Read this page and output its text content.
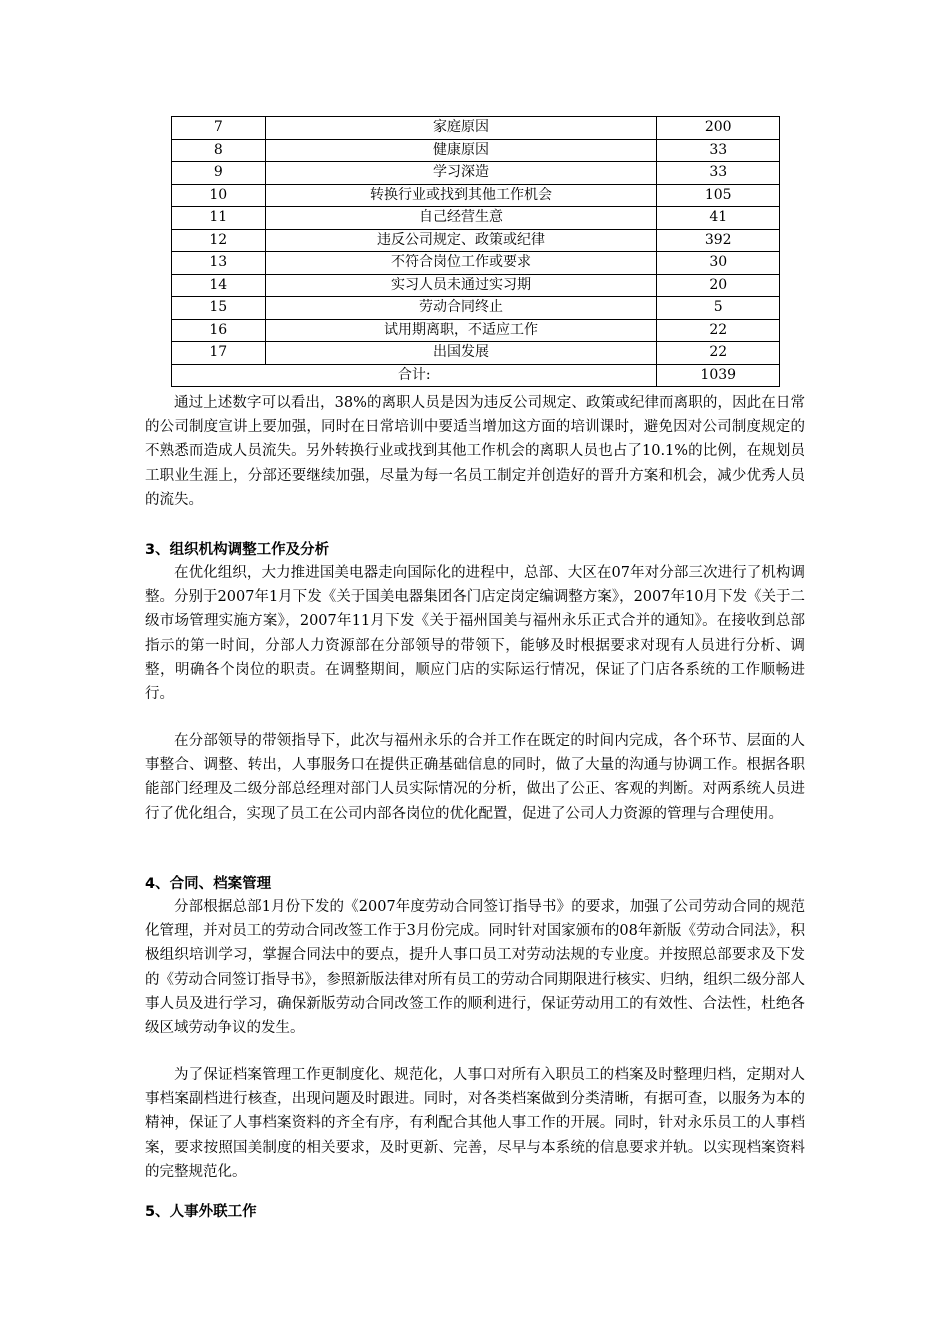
7	家庭原因	200
8	健康原因	33
9	学习深造	33
10	转换行业或找到其他工作机会	105
11	自己经营生意	41
12	违反公司规定、政策或纪律	392
13	不符合岗位工作或要求	30
14	实习人员未通过实习期	20
15	劳动合同终止	5
16	试用期离职，不适应工作	22
17	出国发展	22
合计:		1039

通过上述数字可以看出，38%的离职人员是因为违反公司规定、政策或纪律而离职的，因此在日常的公司制度宣讲上要加强，同时在日常培训中要适当增加这方面的培训课时，避免因对公司制度规定的不熟悉而造成人员流失。另外转换行业或找到其他工作机会的离职人员也占了10.1%的比例，在规划员工职业生涯上，分部还要继续加强，尽量为每一名员工制定并创造好的晋升方案和机会，减少优秀人员的流失。

3、组织机构调整工作及分析

在优化组织，大力推进国美电器走向国际化的进程中，总部、大区在07年对分部三次进行了机构调整。分别于2007年1月下发《关于国美电器集团各门店定岗定编调整方案》，2007年10月下发《关于二级市场管理实施方案》，2007年11月下发《关于福州国美与福州永乐正式合并的通知》。在接收到总部指示的第一时间，分部人力资源部在分部领导的带领下，能够及时根据要求对现有人员进行分析、调整，明确各个岗位的职责。在调整期间，顺应门店的实际运行情况，保证了门店各系统的工作顺畅进行。

在分部领导的带领指导下，此次与福州永乐的合并工作在既定的时间内完成，各个环节、层面的人事整合、调整、转出，人事服务口在提供正确基础信息的同时，做了大量的沟通与协调工作。根据各职能部门经理及二级分部总经理对部门人员实际情况的分析，做出了公正、客观的判断。对两系统人员进行了优化组合，实现了员工在公司内部各岗位的优化配置，促进了公司人力资源的管理与合理使用。

4、合同、档案管理

分部根据总部1月份下发的《2007年度劳动合同签订指导书》的要求，加强了公司劳动合同的规范化管理，并对员工的劳动合同改签工作于3月份完成。同时针对国家颁布的08年新版《劳动合同法》，积极组织培训学习，掌握合同法中的要点，提升人事口员工对劳动法规的专业度。并按照总部要求及下发的《劳动合同签订指导书》，参照新版法律对所有员工的劳动合同期限进行核实、归纳，组织二级分部人事人员及进行学习，确保新版劳动合同改签工作的顺利进行，保证劳动用工的有效性、合法性，杜绝各级区域劳动争议的发生。

为了保证档案管理工作更制度化、规范化，人事口对所有入职员工的档案及时整理归档，定期对人事档案副档进行核查，出现问题及时跟进。同时，对各类档案做到分类清晰，有据可查，以服务为本的精神，保证了人事档案资料的齐全有序，有利配合其他人事工作的开展。同时，针对永乐员工的人事档案，要求按照国美制度的相关要求，及时更新、完善，尽早与本系统的信息要求并轨。以实现档案资料的完整规范化。

5、人事外联工作
